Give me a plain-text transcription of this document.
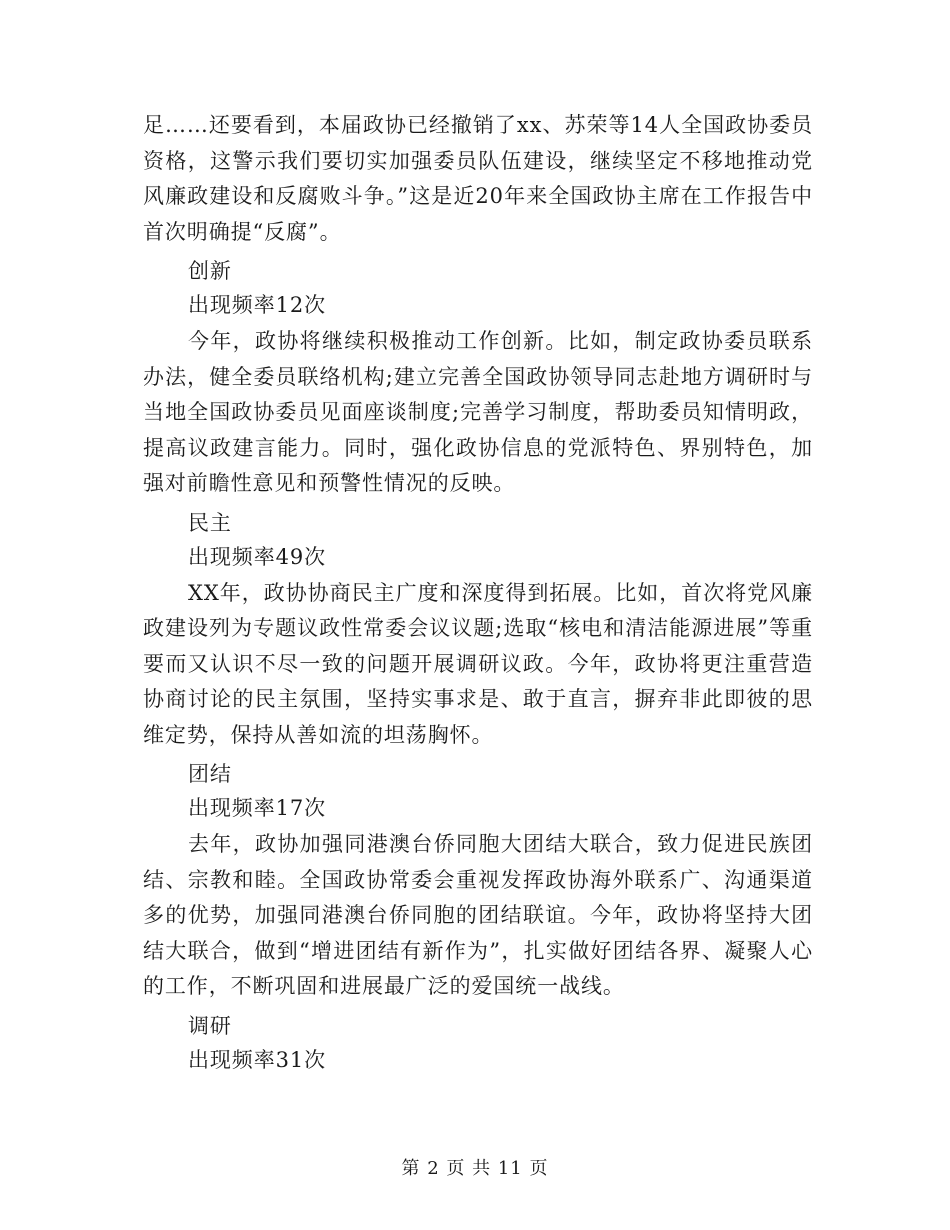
足……还要看到，本届政协已经撤销了xx、苏荣等14人全国政协委员资格，这警示我们要切实加强委员队伍建设，继续坚定不移地推动党风廉政建设和反腐败斗争。”这是近20年来全国政协主席在工作报告中首次明确提“反腐”。

创新

出现频率12次

今年，政协将继续积极推动工作创新。比如，制定政协委员联系办法，健全委员联络机构;建立完善全国政协领导同志赴地方调研时与当地全国政协委员见面座谈制度;完善学习制度，帮助委员知情明政，提高议政建言能力。同时，强化政协信息的党派特色、界别特色，加强对前瞻性意见和预警性情况的反映。

民主

出现频率49次

XX年，政协协商民主广度和深度得到拓展。比如，首次将党风廉政建设列为专题议政性常委会议议题;选取“核电和清洁能源进展”等重要而又认识不尽一致的问题开展调研议政。今年，政协将更注重营造协商讨论的民主氛围，坚持实事求是、敢于直言，摒弃非此即彼的思维定势，保持从善如流的坦荡胸怀。

团结

出现频率17次

去年，政协加强同港澳台侨同胞大团结大联合，致力促进民族团结、宗教和睦。全国政协常委会重视发挥政协海外联系广、沟通渠道多的优势，加强同港澳台侨同胞的团结联谊。今年，政协将坚持大团结大联合，做到“增进团结有新作为”，扎实做好团结各界、凝聚人心的工作，不断巩固和进展最广泛的爱国统一战线。

调研

出现频率31次

第 2 页 共 11 页
